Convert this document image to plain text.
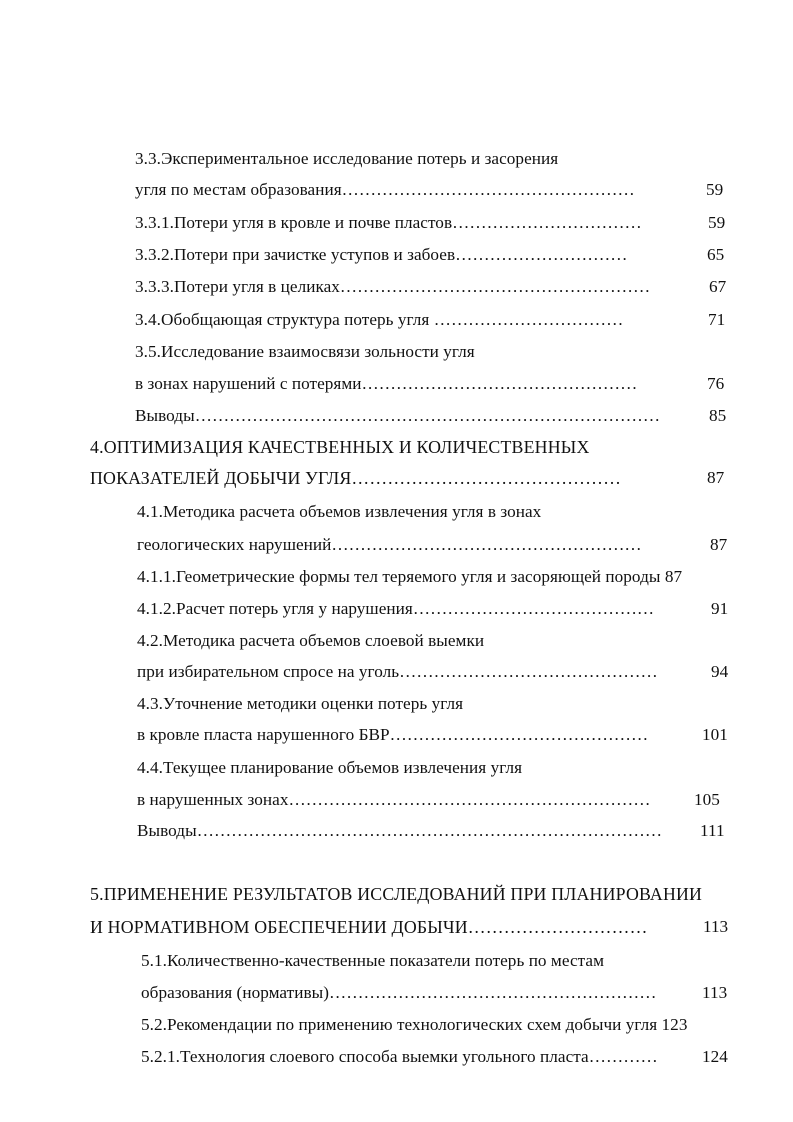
3.3.Экспериментальное исследование потерь и засорения
угля по местам образования……………………………………………	59
3.3.1.Потери угля в кровле и почве пластов……………………………	59
3.3.2.Потери при зачистке уступов и забоев…………………………	65
3.3.3.Потери угля в целиках………………………………………………	67
3.4.Обобщающая структура потерь угля ……………………………	71
3.5.Исследование взаимосвязи зольности угля
в зонах нарушений с потерями…………………………………………	76
Выводы………………………………………………………………………	85
4.ОПТИМИЗАЦИЯ КАЧЕСТВЕННЫХ И КОЛИЧЕСТВЕННЫХ
ПОКАЗАТЕЛЕЙ ДОБЫЧИ УГЛЯ………………………………………	87
4.1.Методика расчета объемов извлечения угля в зонах
геологических нарушений………………………………………………	87
4.1.1.Геометрические формы тел теряемого угля и засоряющей породы 87
4.1.2.Расчет потерь угля у нарушения……………………………………	91
4.2.Методика расчета объемов слоевой выемки
при избирательном спросе на уголь………………………………………	94
4.3.Уточнение методики оценки потерь угля
в кровле пласта нарушенного БВР………………………………………	101
4.4.Текущее планирование объемов извлечения угля
в нарушенных зонах………………………………………………………	105
Выводы……………………………………………………………………… 111
5.ПРИМЕНЕНИЕ РЕЗУЛЬТАТОВ ИССЛЕДОВАНИЙ ПРИ ПЛАНИРОВАНИИ
И НОРМАТИВНОМ ОБЕСПЕЧЕНИИ ДОБЫЧИ…………………………	113
5.1.Количественно-качественные показатели потерь по местам
образования (нормативы)…………………………………………………	113
5.2.Рекомендации по применению технологических схем добычи угля 123
5.2.1.Технология слоевого способа выемки угольного пласта…………	124
